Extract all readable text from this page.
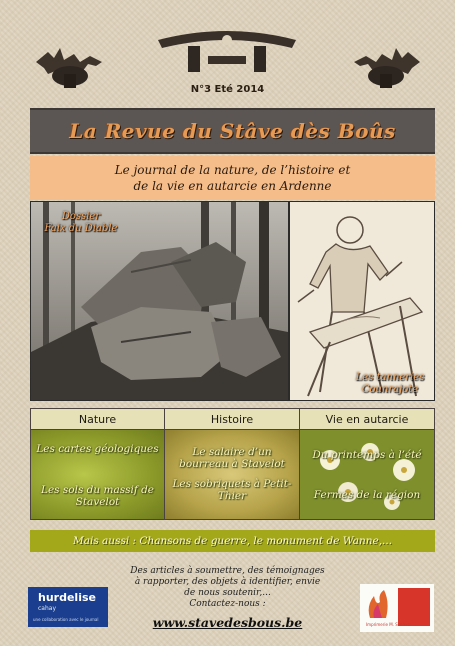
N°3 Eté 2014
La Revue du Stâve dès Boûs
Le journal de la nature, de l’histoire et
de la vie en autarcie en Ardenne
Dossier
Faix du Diable
Les tanneries
Counrajote
Nature	Histoire	Vie en autarcie
Les cartes géologiques
Les sols du massif de Stavelot
Le salaire d’un bourreau à Stavelot
Les sobriquets à Petit-Thier
Du printemps à l’été
Fermes de la région
Mais aussi : Chansons de guerre, le monument de Wanne,...
Des articles à soumettre, des témoignages
à rapporter, des objets à identifier, envie
de nous soutenir,...
Contactez-nous :
www.stavedesbous.be
hurdelise
cahay
une collaboration avec le journal
Imprimerie M. Schmitz
